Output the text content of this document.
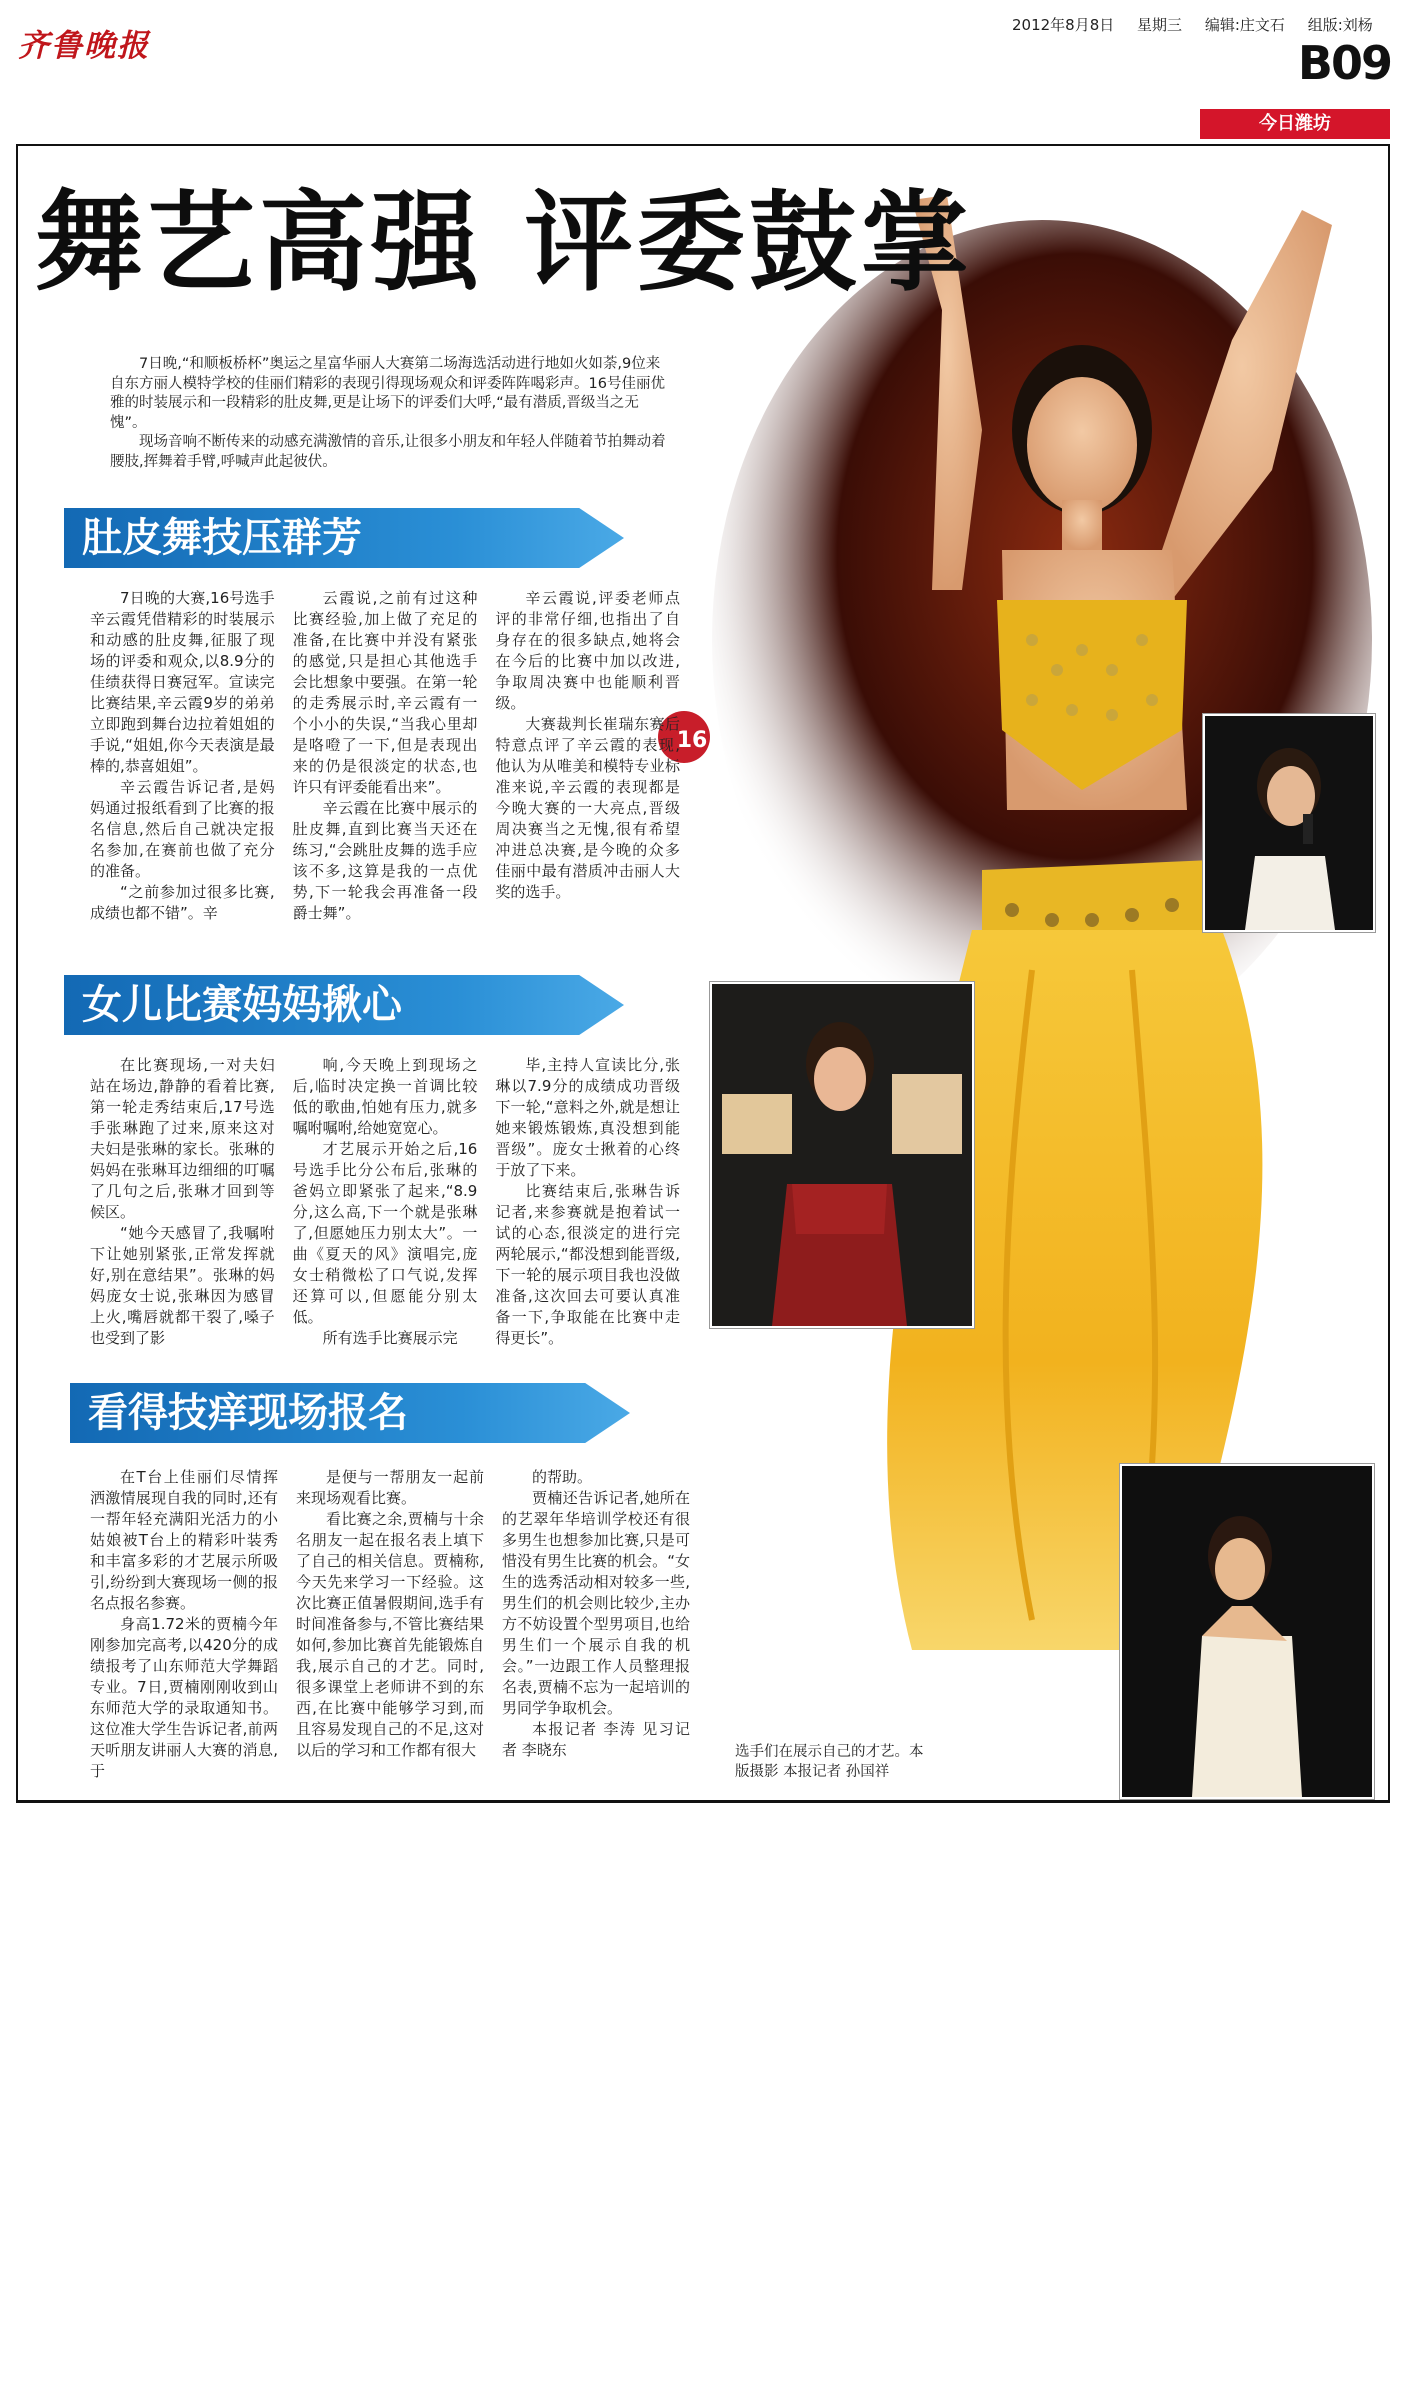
齐鲁晚报
2012年8月8日 星期三 编辑:庄文石 组版:刘杨
B09
今日潍坊
16
选手们在展示自己的才艺。本版摄影 本报记者 孙国祥
舞艺高强 评委鼓掌

7日晚,“和顺板桥杯”奥运之星富华丽人大赛第二场海选活动进行地如火如荼,9位来自东方丽人模特学校的佳丽们精彩的表现引得现场观众和评委阵阵喝彩声。16号佳丽优雅的时装展示和一段精彩的肚皮舞,更是让场下的评委们大呼,“最有潜质,晋级当之无愧”。

现场音响不断传来的动感充满激情的音乐,让很多小朋友和年轻人伴随着节拍舞动着腰肢,挥舞着手臂,呼喊声此起彼伏。

肚皮舞技压群芳

7日晚的大赛,16号选手辛云霞凭借精彩的时装展示和动感的肚皮舞,征服了现场的评委和观众,以8.9分的佳绩获得日赛冠军。宣读完比赛结果,辛云霞9岁的弟弟立即跑到舞台边拉着姐姐的手说,“姐姐,你今天表演是最棒的,恭喜姐姐”。

辛云霞告诉记者,是妈妈通过报纸看到了比赛的报名信息,然后自己就决定报名参加,在赛前也做了充分的准备。

“之前参加过很多比赛,成绩也都不错”。辛

云霞说,之前有过这种比赛经验,加上做了充足的准备,在比赛中并没有紧张的感觉,只是担心其他选手会比想象中要强。在第一轮的走秀展示时,辛云霞有一个小小的失误,“当我心里却是咯噔了一下,但是表现出来的仍是很淡定的状态,也许只有评委能看出来”。

辛云霞在比赛中展示的肚皮舞,直到比赛当天还在练习,“会跳肚皮舞的选手应该不多,这算是我的一点优势,下一轮我会再准备一段爵士舞”。

辛云霞说,评委老师点评的非常仔细,也指出了自身存在的很多缺点,她将会在今后的比赛中加以改进,争取周决赛中也能顺利晋级。

大赛裁判长崔瑞东赛后特意点评了辛云霞的表现,他认为从唯美和模特专业标准来说,辛云霞的表现都是今晚大赛的一大亮点,晋级周决赛当之无愧,很有希望冲进总决赛,是今晚的众多佳丽中最有潜质冲击丽人大奖的选手。

女儿比赛妈妈揪心

在比赛现场,一对夫妇站在场边,静静的看着比赛,第一轮走秀结束后,17号选手张琳跑了过来,原来这对夫妇是张琳的家长。张琳的妈妈在张琳耳边细细的叮嘱了几句之后,张琳才回到等候区。

“她今天感冒了,我嘱咐下让她别紧张,正常发挥就好,别在意结果”。张琳的妈妈庞女士说,张琳因为感冒上火,嘴唇就都干裂了,嗓子也受到了影

响,今天晚上到现场之后,临时决定换一首调比较低的歌曲,怕她有压力,就多嘱咐嘱咐,给她宽宽心。

才艺展示开始之后,16号选手比分公布后,张琳的爸妈立即紧张了起来,“8.9分,这么高,下一个就是张琳了,但愿她压力别太大”。一曲《夏天的风》演唱完,庞女士稍微松了口气说,发挥还算可以,但愿能分别太低。

所有选手比赛展示完

毕,主持人宣读比分,张琳以7.9分的成绩成功晋级下一轮,“意料之外,就是想让她来锻炼锻炼,真没想到能晋级”。庞女士揪着的心终于放了下来。

比赛结束后,张琳告诉记者,来参赛就是抱着试一试的心态,很淡定的进行完两轮展示,“都没想到能晋级,下一轮的展示项目我也没做准备,这次回去可要认真准备一下,争取能在比赛中走得更长”。

看得技痒现场报名

在T台上佳丽们尽情挥洒激情展现自我的同时,还有一帮年轻充满阳光活力的小姑娘被T台上的精彩叶装秀和丰富多彩的才艺展示所吸引,纷纷到大赛现场一侧的报名点报名参赛。

身高1.72米的贾楠今年刚参加完高考,以420分的成绩报考了山东师范大学舞蹈专业。7日,贾楠刚刚收到山东师范大学的录取通知书。这位准大学生告诉记者,前两天听朋友讲丽人大赛的消息,于

是便与一帮朋友一起前来现场观看比赛。

看比赛之余,贾楠与十余名朋友一起在报名表上填下了自己的相关信息。贾楠称,今天先来学习一下经验。这次比赛正值暑假期间,选手有时间准备参与,不管比赛结果如何,参加比赛首先能锻炼自我,展示自己的才艺。同时,很多课堂上老师讲不到的东西,在比赛中能够学习到,而且容易发现自己的不足,这对以后的学习和工作都有很大

的帮助。

贾楠还告诉记者,她所在的艺翠年华培训学校还有很多男生也想参加比赛,只是可惜没有男生比赛的机会。“女生的选秀活动相对较多一些,男生们的机会则比较少,主办方不妨设置个型男项目,也给男生们一个展示自我的机会。”一边跟工作人员整理报名表,贾楠不忘为一起培训的男同学争取机会。

本报记者 李涛 见习记者 李晓东
